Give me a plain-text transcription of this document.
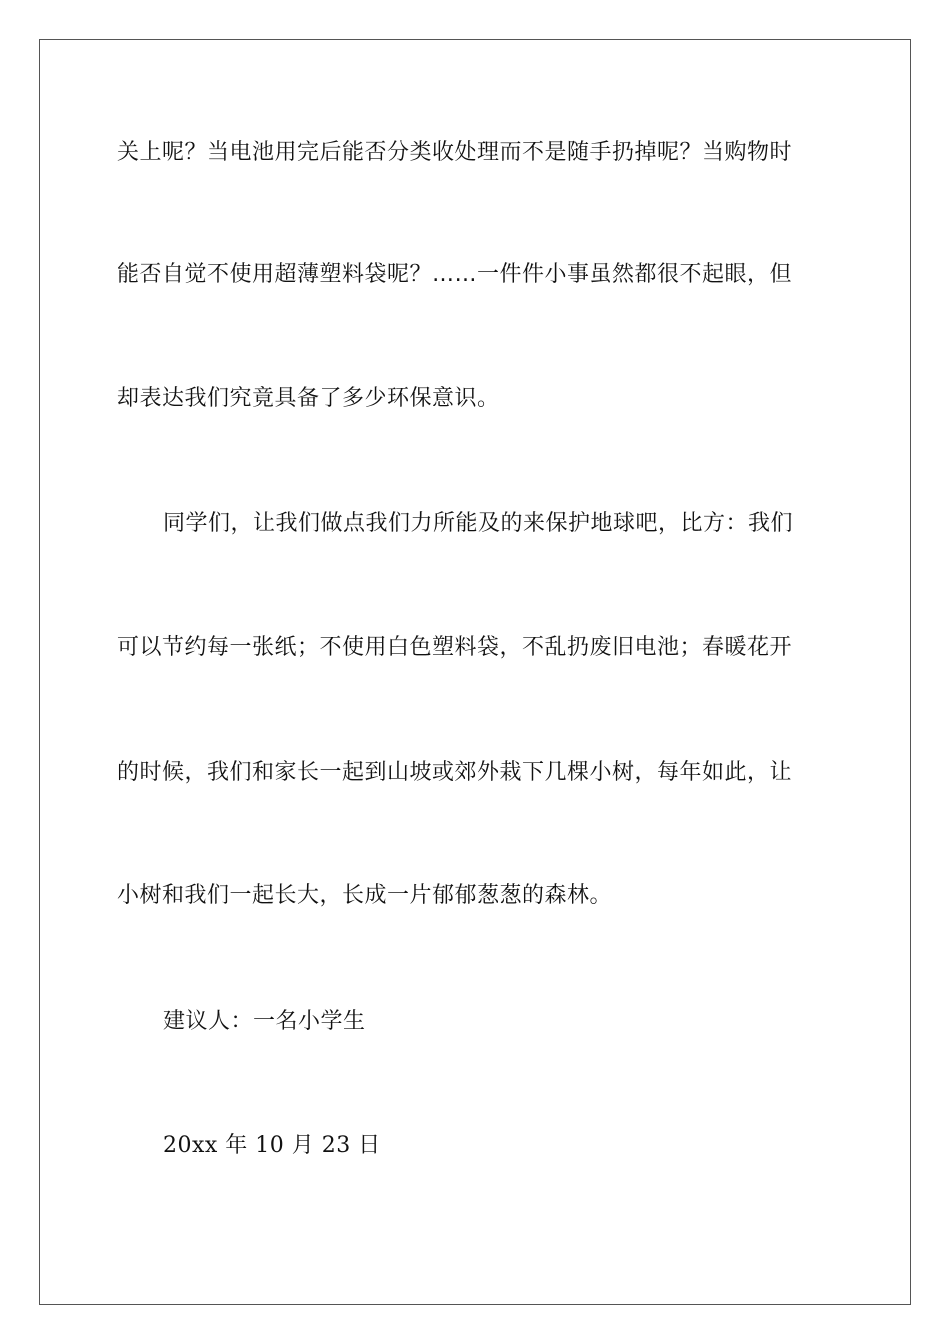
关上呢？当电池用完后能否分类收处理而不是随手扔掉呢？当购物时
能否自觉不使用超薄塑料袋呢？……一件件小事虽然都很不起眼，但
却表达我们究竟具备了多少环保意识。
同学们，让我们做点我们力所能及的来保护地球吧，比方：我们
可以节约每一张纸；不使用白色塑料袋，不乱扔废旧电池；春暖花开
的时候，我们和家长一起到山坡或郊外栽下几棵小树，每年如此，让
小树和我们一起长大，长成一片郁郁葱葱的森林。
建议人：一名小学生
20xx 年 10 月 23 日
